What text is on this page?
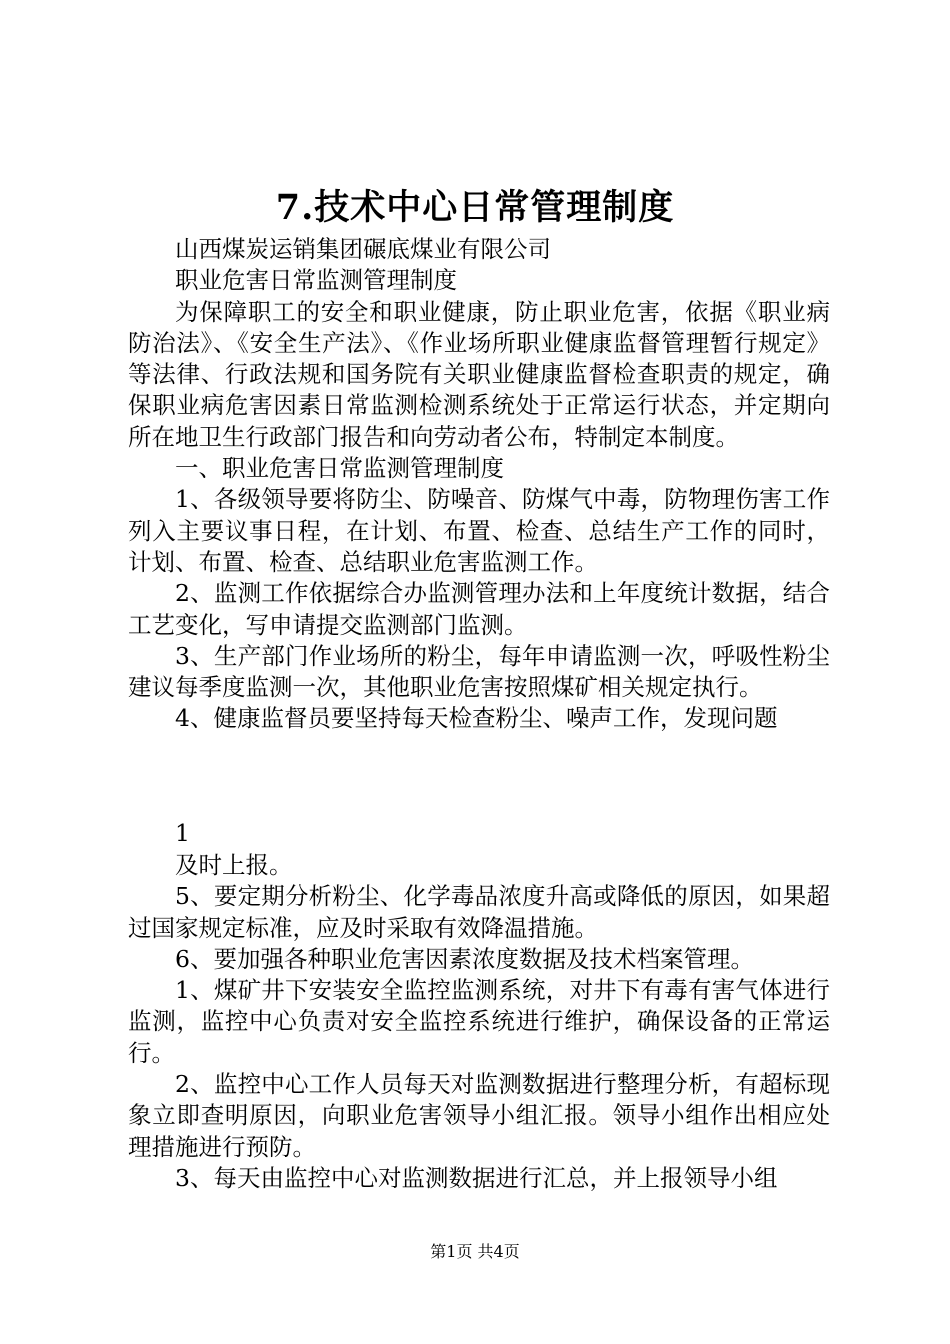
7.技术中心日常管理制度

山西煤炭运销集团碾底煤业有限公司

职业危害日常监测管理制度

为保障职工的安全和职业健康，防止职业危害，依据《职业病防治法》、《安全生产法》、《作业场所职业健康监督管理暂行规定》等法律、行政法规和国务院有关职业健康监督检查职责的规定，确保职业病危害因素日常监测检测系统处于正常运行状态，并定期向所在地卫生行政部门报告和向劳动者公布，特制定本制度。

一、职业危害日常监测管理制度

1、各级领导要将防尘、防噪音、防煤气中毒，防物理伤害工作列入主要议事日程，在计划、布置、检查、总结生产工作的同时，计划、布置、检查、总结职业危害监测工作。

2、监测工作依据综合办监测管理办法和上年度统计数据，结合工艺变化，写申请提交监测部门监测。

3、生产部门作业场所的粉尘，每年申请监测一次，呼吸性粉尘建议每季度监测一次，其他职业危害按照煤矿相关规定执行。

4、健康监督员要坚持每天检查粉尘、噪声工作，发现问题

1

及时上报。

5、要定期分析粉尘、化学毒品浓度升高或降低的原因，如果超过国家规定标准，应及时采取有效降温措施。

6、要加强各种职业危害因素浓度数据及技术档案管理。

1、煤矿井下安装安全监控监测系统，对井下有毒有害气体进行监测，监控中心负责对安全监控系统进行维护，确保设备的正常运行。

2、监控中心工作人员每天对监测数据进行整理分析，有超标现象立即查明原因，向职业危害领导小组汇报。领导小组作出相应处理措施进行预防。

3、每天由监控中心对监测数据进行汇总，并上报领导小组

第1页 共4页
